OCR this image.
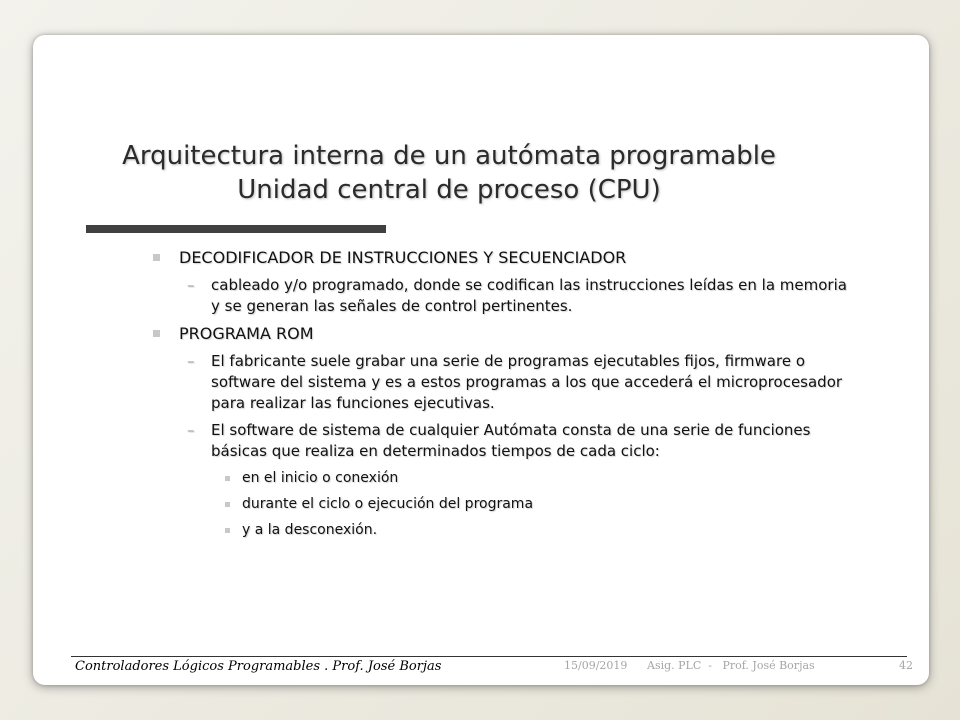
Arquitectura interna de un autómata programable
Unidad central de proceso (CPU)
DECODIFICADOR DE INSTRUCCIONES Y SECUENCIADOR
– cableado y/o programado, donde se codifican las instrucciones leídas en la memoria y se generan las señales de control pertinentes.
PROGRAMA ROM
– El fabricante suele grabar una serie de programas ejecutables fijos, firmware o software del sistema y es a estos programas a los que accederá el microprocesador para realizar las funciones ejecutivas.
– El software de sistema de cualquier Autómata consta de una serie de funciones básicas que realiza en determinados tiempos de cada ciclo:
en el inicio o conexión
durante el ciclo o ejecución del programa
y a la desconexión.
Controladores Lógicos Programables . Prof. José Borjas	15/09/2019 Asig. PLC  -   Prof. José Borjas	42
